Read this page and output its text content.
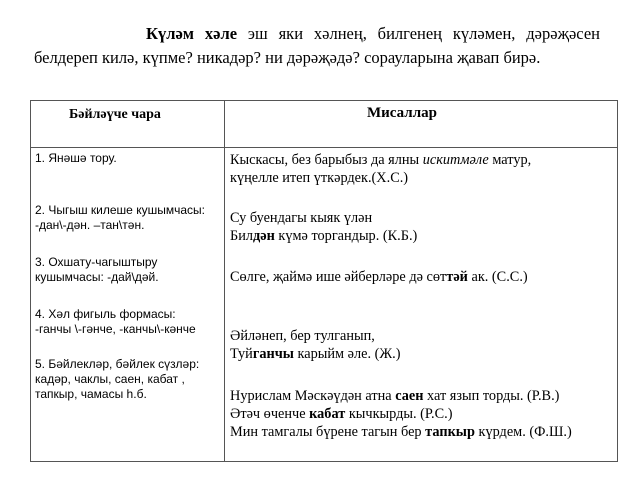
Күләм хәле эш яки хәлнең, билгенең күләмен, дәрәҗәсен белдереп килә, күпме? никадәр? ни дәрәҗәдә? сорауларына җавап бирә.
Бәйләүче чара	Мисаллар

1. Янәшә тору.

2. Чыгыш килеше кушымчасы:

-дан\-дән. –тан\тән.

3. Охшату-чагыштыру

кушымчасы: -дай\дәй.

4. Хәл фигыль формасы:

-ганчы \-гәнче, -канчы\-кәнче

5. Бәйлекләр, бәйлек сүзләр:

кадәр, чаклы, саен, кабат ,

тапкыр, чамасы һ.б.

Кыскасы, без барыбыз да ялны искитмәле матур,

күңелле итеп үткәрдек.(Х.С.)

Су буендагы кыяк үлән

Билдән күмә торгандыр. (К.Б.)

Сөлге, җаймә ише әйберләре дә сөттәй ак. (С.С.)

Әйләнеп, бер тулганып,

Туйганчы карыйм әле. (Ж.)

Нурислам Мәскәүдән атна саен хат язып торды. (Р.В.)

Әтәч өченче кабат кычкырды. (Р.С.)

Мин тамгалы бүрене тагын бер тапкыр күрдем. (Ф.Ш.)
